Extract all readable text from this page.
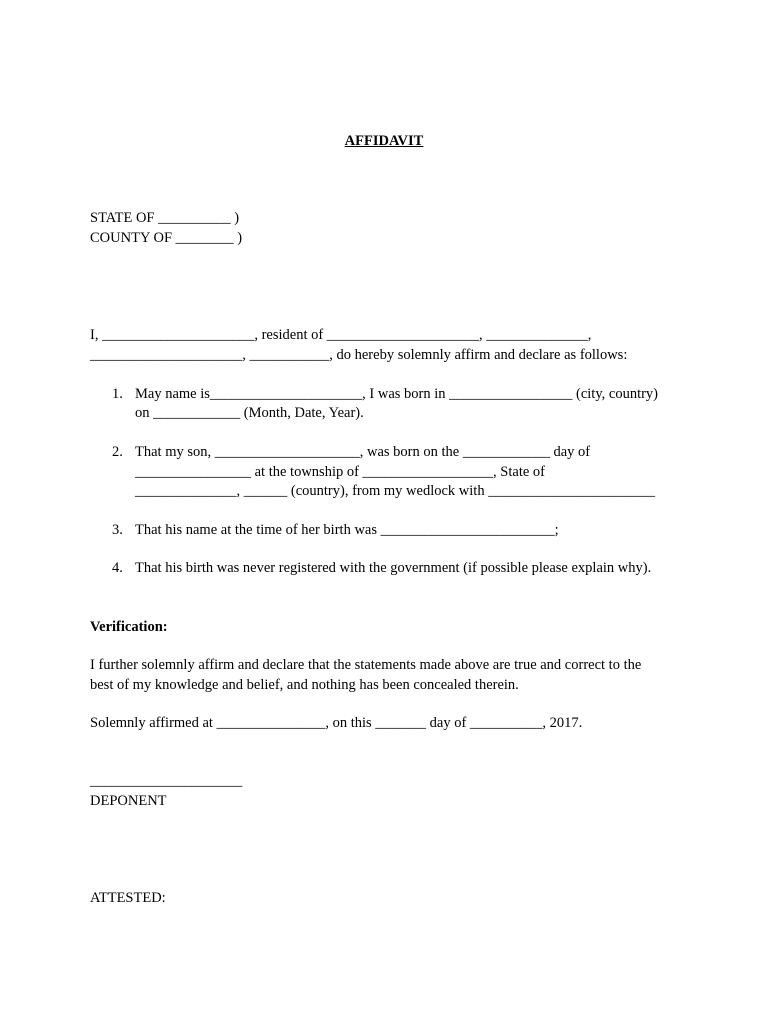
AFFIDAVIT

STATE OF __________ )

COUNTY OF ________ )

I, _____________________, resident of _____________________, ______________,

_____________________, ___________, do hereby solemnly affirm and declare as follows:

1. May name is_____________________, I was born in _________________ (city, country)
on ____________ (Month, Date, Year).
2. That my son, ____________________, was born on the ____________ day of
________________ at the township of __________________, State of
______________, ______ (country), from my wedlock with _______________________
3. That his name at the time of her birth was ________________________;
4. That his birth was never registered with the government (if possible please explain why).

Verification:

I further solemnly affirm and declare that the statements made above are true and correct to the

best of my knowledge and belief, and nothing has been concealed therein.

Solemnly affirmed at _______________, on this _______ day of __________, 2017.

_____________________

DEPONENT

ATTESTED:
